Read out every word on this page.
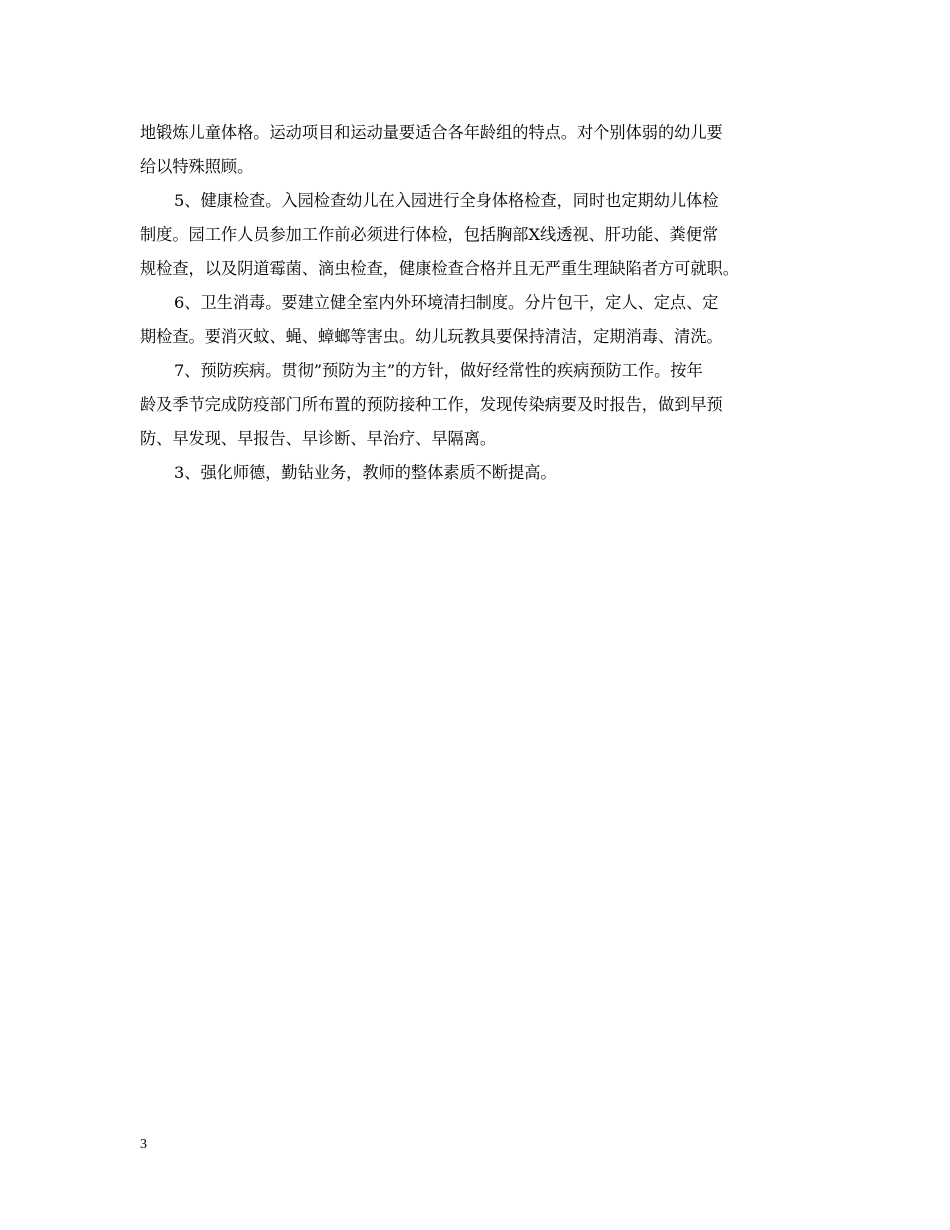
地锻炼儿童体格。运动项目和运动量要适合各年龄组的特点。对个别体弱的幼儿要
给以特殊照顾。
5、健康检查。入园检查幼儿在入园进行全身体格检查，同时也定期幼儿体检
制度。园工作人员参加工作前必须进行体检，包括胸部X线透视、肝功能、粪便常
规检查，以及阴道霉菌、滴虫检查，健康检查合格并且无严重生理缺陷者方可就职。
6、卫生消毒。要建立健全室内外环境清扫制度。分片包干，定人、定点、定
期检查。要消灭蚊、蝇、蟑螂等害虫。幼儿玩教具要保持清洁，定期消毒、清洗。
7、预防疾病。贯彻”预防为主”的方针，做好经常性的疾病预防工作。按年
龄及季节完成防疫部门所布置的预防接种工作，发现传染病要及时报告，做到早预
防、早发现、早报告、早诊断、早治疗、早隔离。
3、强化师德，勤钻业务，教师的整体素质不断提高。
3
